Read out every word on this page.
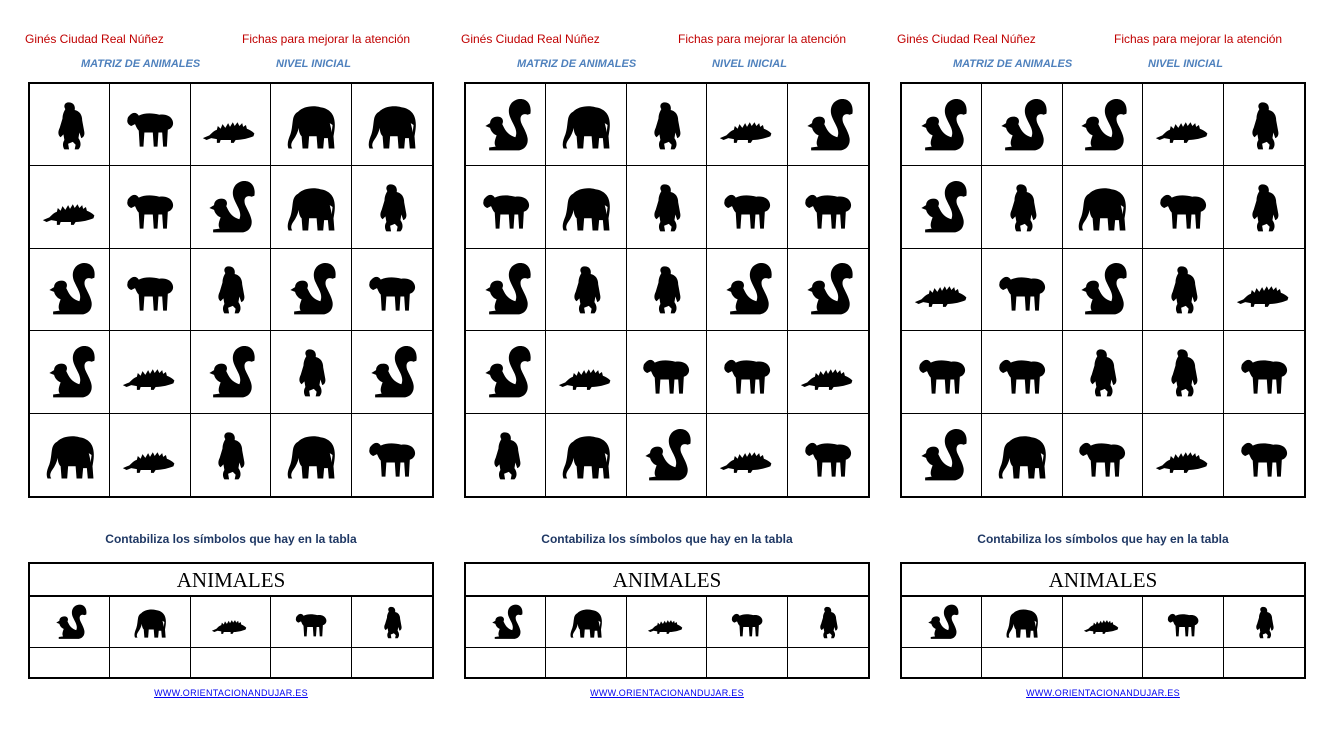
Ginés Ciudad Real Núñez	Fichas para mejorar la atención
MATRIZ DE ANIMALES	NIVEL INICIAL
Contabiliza los símbolos que hay en la tabla
ANIMALES
WWW.ORIENTACIONANDUJAR.ES
Ginés Ciudad Real Núñez	Fichas para mejorar la atención
MATRIZ DE ANIMALES	NIVEL INICIAL
Contabiliza los símbolos que hay en la tabla
ANIMALES
WWW.ORIENTACIONANDUJAR.ES
Ginés Ciudad Real Núñez	Fichas para mejorar la atención
MATRIZ DE ANIMALES	NIVEL INICIAL
Contabiliza los símbolos que hay en la tabla
ANIMALES
WWW.ORIENTACIONANDUJAR.ES
